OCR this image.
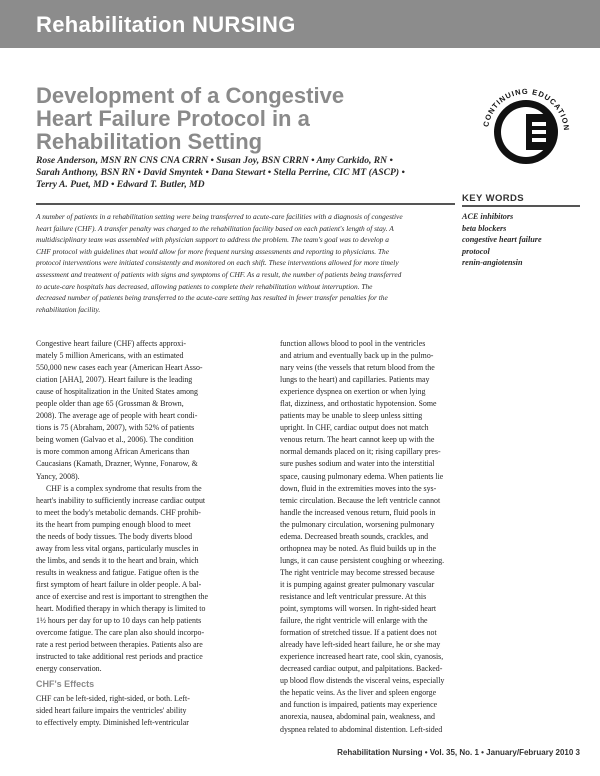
Rehabilitation NURSING
Development of a Congestive
Heart Failure Protocol in a
Rehabilitation Setting
CONTINUING EDUCATION
Rose Anderson, MSN RN CNS CNA CRRN • Susan Joy, BSN CRRN • Amy Carkido, RN •
Sarah Anthony, BSN RN • David Smyntek • Dana Stewart • Stella Perrine, CIC MT (ASCP) •
Terry A. Puet, MD • Edward T. Butler, MD
A number of patients in a rehabilitation setting were being transferred to acute-care facilities with a diagnosis of congestive
heart failure (CHF). A transfer penalty was charged to the rehabilitation facility based on each patient's length of stay. A
multidisciplinary team was assembled with physician support to address the problem. The team's goal was to develop a
CHF protocol with guidelines that would allow for more frequent nursing assessments and reporting to physicians. The
protocol interventions were initiated consistently and monitored on each shift. These interventions allowed for more timely
assessment and treatment of patients with signs and symptoms of CHF. As a result, the number of patients being transferred
to acute-care hospitals has decreased, allowing patients to complete their rehabilitation without interruption. The
decreased number of patients being transferred to the acute-care setting has resulted in fewer transfer penalties for the
rehabilitation facility.
KEY WORDS
ACE inhibitors
beta blockers
congestive heart failure
protocol
renin-angiotensin
Congestive heart failure (CHF) affects approxi-
mately 5 million Americans, with an estimated
550,000 new cases each year (American Heart Asso-
ciation [AHA], 2007). Heart failure is the leading
cause of hospitalization in the United States among
people older than age 65 (Grossman & Brown,
2008). The average age of people with heart condi-
tions is 75 (Abraham, 2007), with 52% of patients
being women (Galvao et al., 2006). The condition
is more common among African Americans than
Caucasians (Kamath, Drazner, Wynne, Fonarow, &
Yancy, 2008).
CHF is a complex syndrome that results from the
heart's inability to sufficiently increase cardiac output
to meet the body's metabolic demands. CHF prohib-
its the heart from pumping enough blood to meet
the needs of body tissues. The body diverts blood
away from less vital organs, particularly muscles in
the limbs, and sends it to the heart and brain, which
results in weakness and fatigue. Fatigue often is the
first symptom of heart failure in older people. A bal-
ance of exercise and rest is important to strengthen the
heart. Modified therapy in which therapy is limited to
1½ hours per day for up to 10 days can help patients
overcome fatigue. The care plan also should incorpo-
rate a rest period between therapies. Patients also are
instructed to take additional rest periods and practice
energy conservation.
CHF's Effects
CHF can be left-sided, right-sided, or both. Left-
sided heart failure impairs the ventricles' ability
to effectively empty. Diminished left-ventricular
function allows blood to pool in the ventricles
and atrium and eventually back up in the pulmo-
nary veins (the vessels that return blood from the
lungs to the heart) and capillaries. Patients may
experience dyspnea on exertion or when lying
flat, dizziness, and orthostatic hypotension. Some
patients may be unable to sleep unless sitting
upright. In CHF, cardiac output does not match
venous return. The heart cannot keep up with the
normal demands placed on it; rising capillary pres-
sure pushes sodium and water into the interstitial
space, causing pulmonary edema. When patients lie
down, fluid in the extremities moves into the sys-
temic circulation. Because the left ventricle cannot
handle the increased venous return, fluid pools in
the pulmonary circulation, worsening pulmonary
edema. Decreased breath sounds, crackles, and
orthopnea may be noted. As fluid builds up in the
lungs, it can cause persistent coughing or wheezing.
The right ventricle may become stressed because
it is pumping against greater pulmonary vascular
resistance and left ventricular pressure. At this
point, symptoms will worsen. In right-sided heart
failure, the right ventricle will enlarge with the
formation of stretched tissue. If a patient does not
already have left-sided heart failure, he or she may
experience increased heart rate, cool skin, cyanosis,
decreased cardiac output, and palpitations. Backed-
up blood flow distends the visceral veins, especially
the hepatic veins. As the liver and spleen engorge
and function is impaired, patients may experience
anorexia, nausea, abdominal pain, weakness, and
dyspnea related to abdominal distention. Left-sided
Rehabilitation Nursing • Vol. 35, No. 1 • January/February 2010 3
